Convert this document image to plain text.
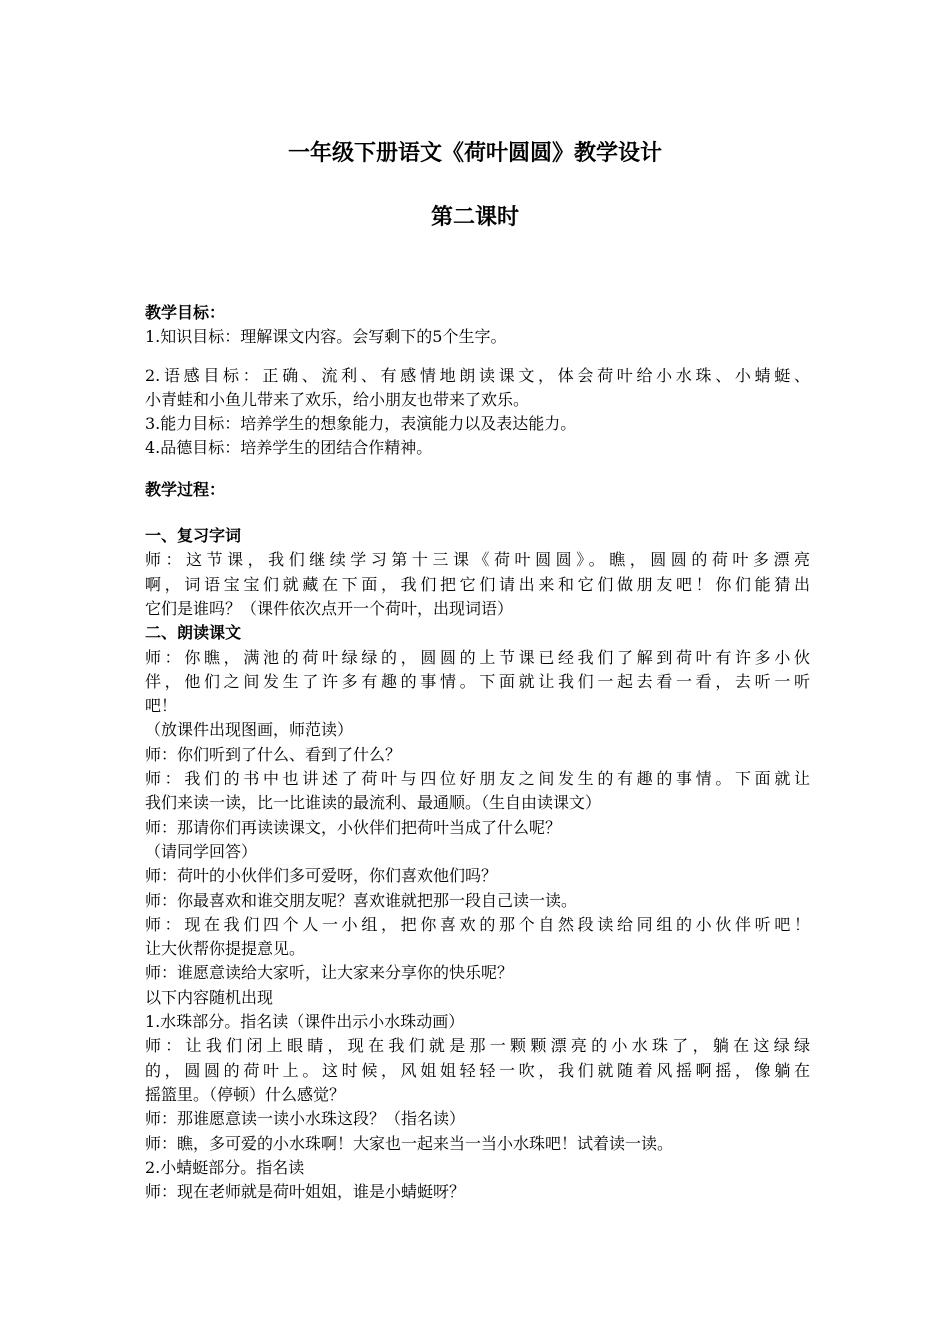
一年级下册语文《荷叶圆圆》教学设计
第二课时
教学目标：
1.知识目标：理解课文内容。会写剩下的5个生字。
2.语感目标：正确、流利、有感情地朗读课文，体会荷叶给小水珠、小蜻蜓、
小青蛙和小鱼儿带来了欢乐，给小朋友也带来了欢乐。
3.能力目标：培养学生的想象能力，表演能力以及表达能力。
4.品德目标：培养学生的团结合作精神。
教学过程：
一、复习字词
师：这节课，我们继续学习第十三课《荷叶圆圆》。瞧，圆圆的荷叶多漂亮
啊，词语宝宝们就藏在下面，我们把它们请出来和它们做朋友吧！你们能猜出
它们是谁吗？（课件依次点开一个荷叶，出现词语）
二、朗读课文
师：你瞧，满池的荷叶绿绿的，圆圆的上节课已经我们了解到荷叶有许多小伙
伴，他们之间发生了许多有趣的事情。下面就让我们一起去看一看，去听一听
吧！
（放课件出现图画，师范读）
师：你们听到了什么、看到了什么？
师：我们的书中也讲述了荷叶与四位好朋友之间发生的有趣的事情。下面就让
我们来读一读，比一比谁读的最流利、最通顺。（生自由读课文）
师：那请你们再读读课文，小伙伴们把荷叶当成了什么呢？
（请同学回答）
师：荷叶的小伙伴们多可爱呀，你们喜欢他们吗？
师：你最喜欢和谁交朋友呢？喜欢谁就把那一段自己读一读。
师：现在我们四个人一小组，把你喜欢的那个自然段读给同组的小伙伴听吧！
让大伙帮你提提意见。
师：谁愿意读给大家听，让大家来分享你的快乐呢？
以下内容随机出现
1.水珠部分。指名读（课件出示小水珠动画）
师：让我们闭上眼睛，现在我们就是那一颗颗漂亮的小水珠了，躺在这绿绿
的，圆圆的荷叶上。这时候，风姐姐轻轻一吹，我们就随着风摇啊摇，像躺在
摇篮里。（停顿）什么感觉？
师：那谁愿意读一读小水珠这段？（指名读）
师：瞧，多可爱的小水珠啊！大家也一起来当一当小水珠吧！试着读一读。
2.小蜻蜓部分。指名读
师：现在老师就是荷叶姐姐，谁是小蜻蜓呀？
